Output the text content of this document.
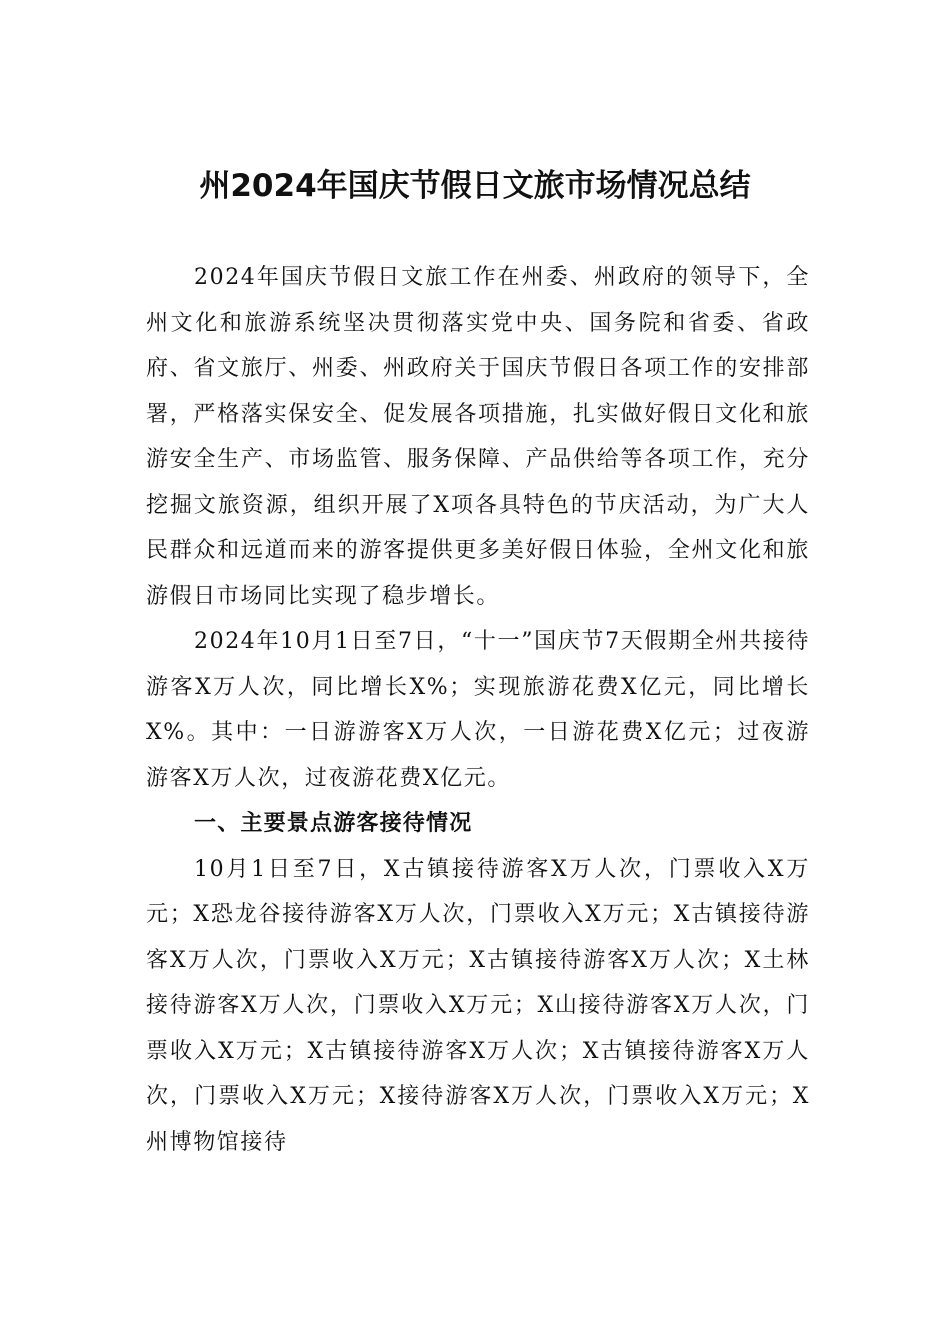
州2024年国庆节假日文旅市场情况总结

2024年国庆节假日文旅工作在州委、州政府的领导下，全州文化和旅游系统坚决贯彻落实党中央、国务院和省委、省政府、省文旅厅、州委、州政府关于国庆节假日各项工作的安排部署，严格落实保安全、促发展各项措施，扎实做好假日文化和旅游安全生产、市场监管、服务保障、产品供给等各项工作，充分挖掘文旅资源，组织开展了X项各具特色的节庆活动，为广大人民群众和远道而来的游客提供更多美好假日体验，全州文化和旅游假日市场同比实现了稳步增长。

2024年10月1日至7日，“十一”国庆节7天假期全州共接待游客X万人次，同比增长X%；实现旅游花费X亿元，同比增长X%。其中：一日游游客X万人次，一日游花费X亿元；过夜游游客X万人次，过夜游花费X亿元。

一、主要景点游客接待情况

10月1日至7日，X古镇接待游客X万人次，门票收入X万元；X恐龙谷接待游客X万人次，门票收入X万元；X古镇接待游客X万人次，门票收入X万元；X古镇接待游客X万人次；X土林接待游客X万人次，门票收入X万元；X山接待游客X万人次，门票收入X万元；X古镇接待游客X万人次；X古镇接待游客X万人次，门票收入X万元；X接待游客X万人次，门票收入X万元；X州博物馆接待
